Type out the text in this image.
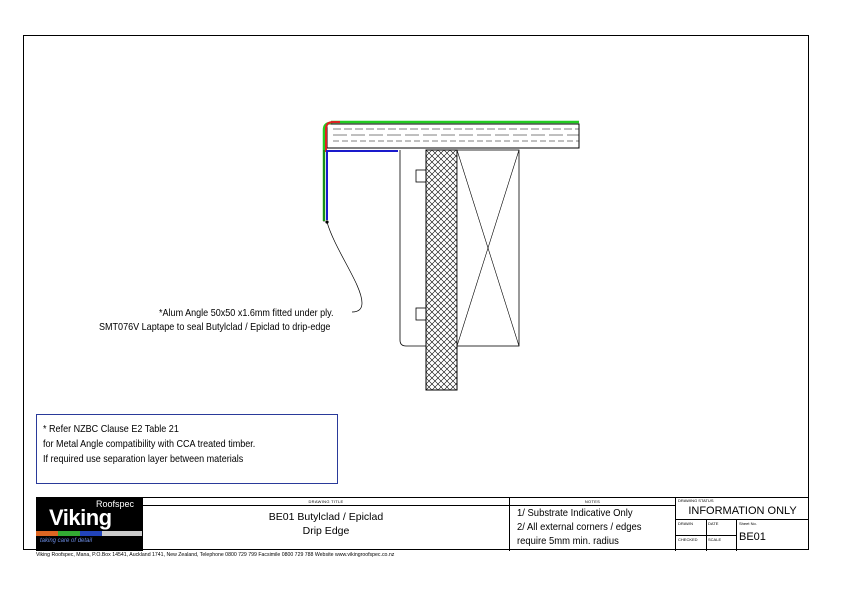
*Alum Angle 50x50 x1.6mm fitted under ply.
SMT076V Laptape to seal Butylclad / Epiclad to drip-edge
* Refer NZBC Clause E2 Table 21
for Metal Angle compatibility with CCA treated timber.
If required use separation layer between materials
Roofspec
Viking
taking care of detail
DRAWING TITLE
BE01 Butylclad / Epiclad
Drip Edge
NOTES
1/ Substrate Indicative Only
2/ All external corners / edges
require 5mm min. radius
DRAWING STATUS
INFORMATION ONLY
DRAWN	DATE
CHECKED	SCALE
Sheet No.
BE01
Viking Roofspec, Mana, P.O.Box 14541, Auckland 1741, New Zealand, Telephone 0800 729 799 Facsimile 0800 729 788 Website www.vikingroofspec.co.nz
